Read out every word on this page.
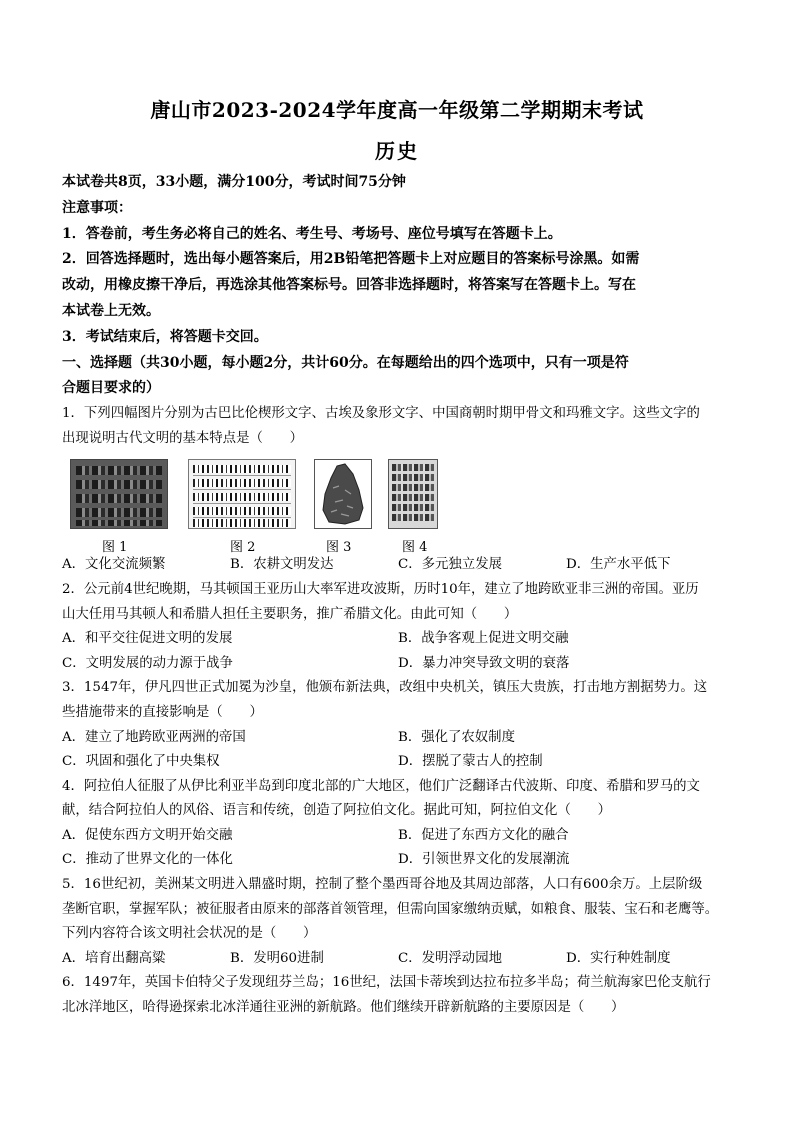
唐山市2023-2024学年度高一年级第二学期期末考试
历史
本试卷共8页，33小题，满分100分，考试时间75分钟
注意事项：
1．答卷前，考生务必将自己的姓名、考生号、考场号、座位号填写在答题卡上。
2．回答选择题时，选出每小题答案后，用2B铅笔把答题卡上对应题目的答案标号涂黑。如需
改动，用橡皮擦干净后，再选涂其他答案标号。回答非选择题时，将答案写在答题卡上。写在
本试卷上无效。
3．考试结束后，将答题卡交回。
一、选择题（共30小题，每小题2分，共计60分。在每题给出的四个选项中，只有一项是符
合题目要求的）
1．下列四幅图片分别为古巴比伦楔形文字、古埃及象形文字、中国商朝时期甲骨文和玛雅文字。这些文字的
出现说明古代文明的基本特点是（　　）
图 1	图 2	图 3	图 4
A．文化交流频繁	B．农耕文明发达	C．多元独立发展	D．生产水平低下
2．公元前4世纪晚期，马其顿国王亚历山大率军进攻波斯，历时10年，建立了地跨欧亚非三洲的帝国。亚历
山大任用马其顿人和希腊人担任主要职务，推广希腊文化。由此可知（　　）
A．和平交往促进文明的发展	B．战争客观上促进文明交融
C．文明发展的动力源于战争	D．暴力冲突导致文明的衰落
3．1547年，伊凡四世正式加冕为沙皇，他颁布新法典，改组中央机关，镇压大贵族，打击地方割据势力。这
些措施带来的直接影响是（　　）
A．建立了地跨欧亚两洲的帝国	B．强化了农奴制度
C．巩固和强化了中央集权	D．摆脱了蒙古人的控制
4．阿拉伯人征服了从伊比利亚半岛到印度北部的广大地区，他们广泛翻译古代波斯、印度、希腊和罗马的文
献，结合阿拉伯人的风俗、语言和传统，创造了阿拉伯文化。据此可知，阿拉伯文化（　　）
A．促使东西方文明开始交融	B．促进了东西方文化的融合
C．推动了世界文化的一体化	D．引领世界文化的发展潮流
5．16世纪初，美洲某文明进入鼎盛时期，控制了整个墨西哥谷地及其周边部落，人口有600余万。上层阶级
垄断官职，掌握军队；被征服者由原来的部落首领管理，但需向国家缴纳贡赋，如粮食、服装、宝石和老鹰等。
下列内容符合该文明社会状况的是（　　）
A．培育出翻高粱	B．发明60进制	C．发明浮动园地	D．实行种姓制度
6．1497年，英国卡伯特父子发现纽芬兰岛；16世纪，法国卡蒂埃到达拉布拉多半岛；荷兰航海家巴伦支航行
北冰洋地区，哈得逊探索北冰洋通往亚洲的新航路。他们继续开辟新航路的主要原因是（　　）
